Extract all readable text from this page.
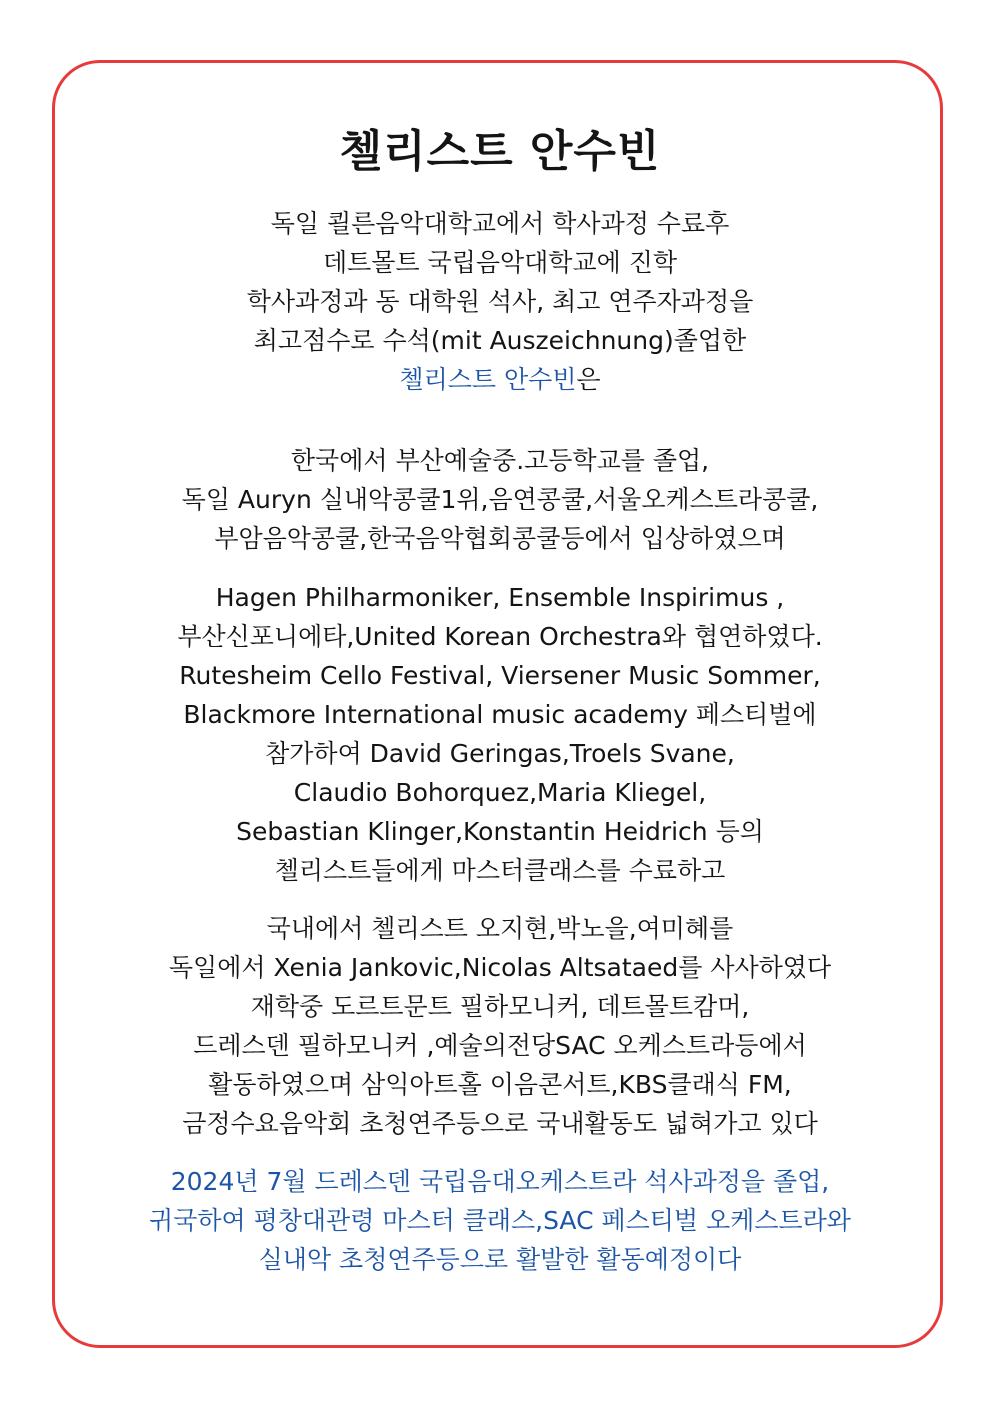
첼리스트 안수빈
독일 쾰른음악대학교에서 학사과정 수료후
데트몰트 국립음악대학교에 진학
학사과정과 동 대학원 석사, 최고 연주자과정을
최고점수로 수석(mit Auszeichnung)졸업한
첼리스트 안수빈은
한국에서 부산예술중.고등학교를 졸업,
독일 Auryn 실내악콩쿨1위,음연콩쿨,서울오케스트라콩쿨,
부암음악콩쿨,한국음악협회콩쿨등에서 입상하였으며
Hagen Philharmoniker, Ensemble Inspirimus ,
부산신포니에타,United Korean Orchestra와 협연하였다.
Rutesheim Cello Festival, Viersener Music Sommer,
Blackmore International music academy 페스티벌에
참가하여 David Geringas,Troels Svane,
Claudio Bohorquez,Maria Kliegel,
Sebastian Klinger,Konstantin Heidrich 등의
첼리스트들에게 마스터클래스를 수료하고
국내에서 첼리스트 오지현,박노을,여미혜를
독일에서 Xenia Jankovic,Nicolas Altsataed를 사사하였다
재학중 도르트문트 필하모니커, 데트몰트캄머,
드레스덴 필하모니커 ,예술의전당SAC 오케스트라등에서
활동하였으며 삼익아트홀 이음콘서트,KBS클래식 FM,
금정수요음악회 초청연주등으로 국내활동도 넓혀가고 있다
2024년 7월 드레스덴 국립음대오케스트라 석사과정을 졸업,
귀국하여 평창대관령 마스터 클래스,SAC 페스티벌 오케스트라와
실내악 초청연주등으로 활발한 활동예정이다
